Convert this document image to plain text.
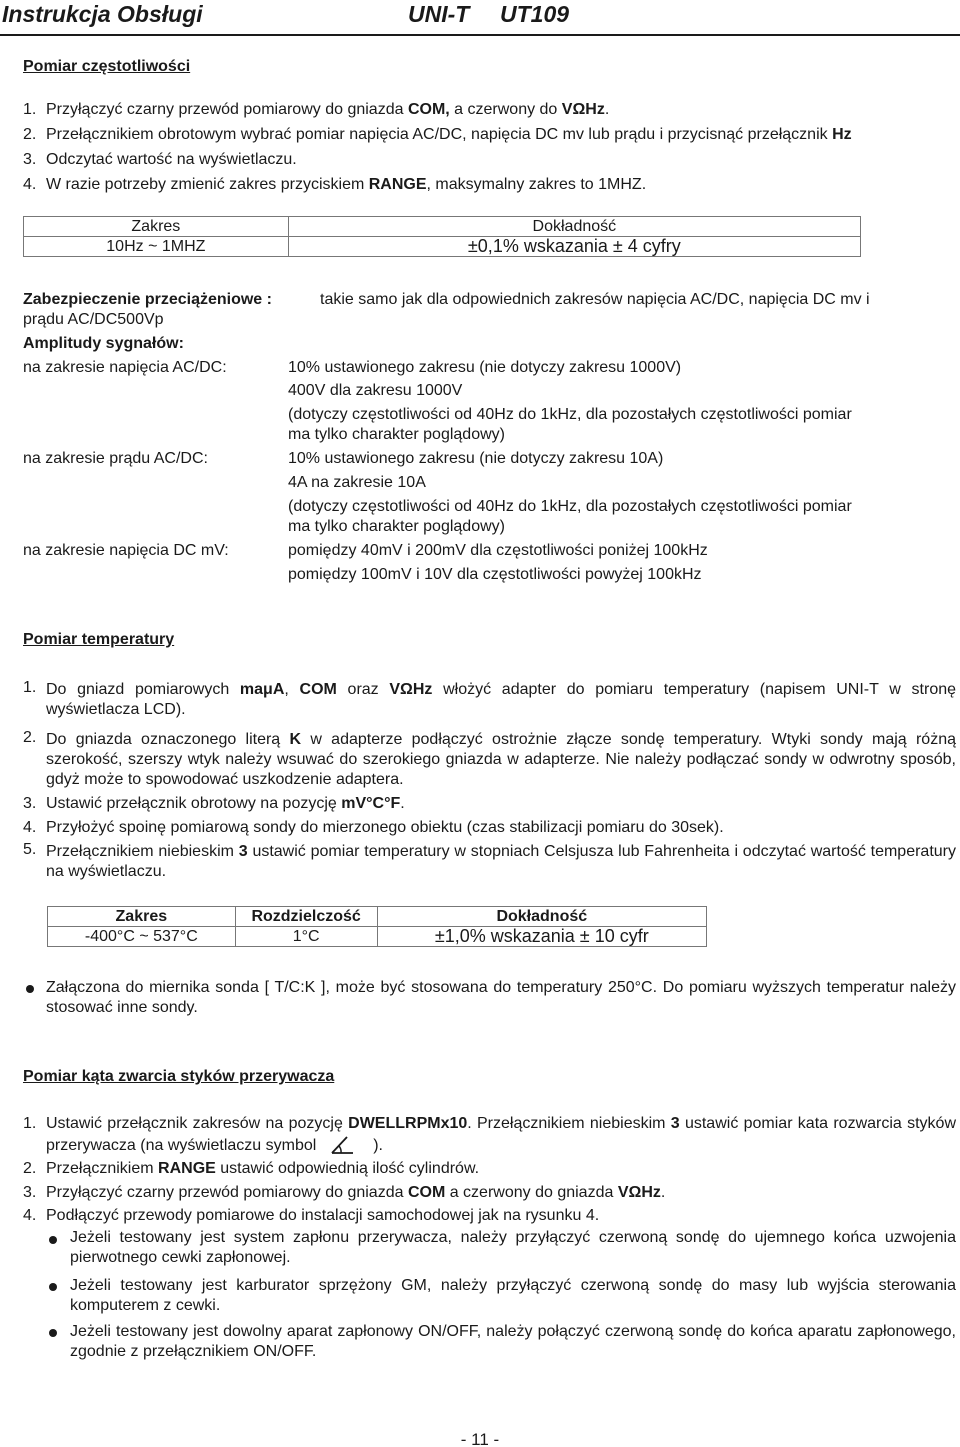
Instrukcja Obsługi	UNI-T UT109
Pomiar częstotliwości
1. Przyłączyć czarny przewód pomiarowy do gniazda COM, a czerwony do VΩHz.
2. Przełącznikiem obrotowym wybrać pomiar napięcia AC/DC, napięcia DC mv lub prądu i przycisnąć przełącznik Hz
3. Odczytać wartość na wyświetlaczu.
4. W razie potrzeby zmienić zakres przyciskiem RANGE, maksymalny zakres to 1MHZ.
Zakres	Dokładność
10Hz ~ 1MHZ	±0,1% wskazania ± 4 cyfry
Zabezpieczenie przeciążeniowe :	takie samo jak dla odpowiednich zakresów napięcia AC/DC, napięcia DC mv i
prądu AC/DC500Vp
Amplitudy sygnałów:
na zakresie napięcia AC/DC:	10% ustawionego zakresu (nie dotyczy zakresu 1000V)
400V dla zakresu 1000V
(dotyczy częstotliwości od 40Hz do 1kHz, dla pozostałych częstotliwości pomiar
ma tylko charakter poglądowy)
na zakresie prądu AC/DC:	10% ustawionego zakresu (nie dotyczy zakresu 10A)
4A na zakresie 10A
(dotyczy częstotliwości od 40Hz do 1kHz, dla pozostałych częstotliwości pomiar
ma tylko charakter poglądowy)
na zakresie napięcia DC mV:	pomiędzy 40mV i 200mV dla częstotliwości poniżej 100kHz
pomiędzy 100mV i 10V dla częstotliwości powyżej 100kHz
Pomiar temperatury
1. Do gniazd pomiarowych maμA, COM oraz VΩHz włożyć adapter do pomiaru temperatury (napisem UNI-T w stronę wyświetlacza LCD).
2. Do gniazda oznaczonego literą K w adapterze podłączyć ostrożnie złącze sondę temperatury. Wtyki sondy mają różną szerokość, szerszy wtyk należy wsuwać do szerokiego gniazda w adapterze. Nie należy podłączać sondy w odwrotny sposób, gdyż może to spowodować uszkodzenie adaptera.
3. Ustawić przełącznik obrotowy na pozycję mV°C°F.
4. Przyłożyć spoinę pomiarową sondy do mierzonego obiektu (czas stabilizacji pomiaru do 30sek).
5. Przełącznikiem niebieskim 3 ustawić pomiar temperatury w stopniach Celsjusza lub Fahrenheita i odczytać wartość temperatury na wyświetlaczu.
Zakres	Rozdzielczość	Dokładność
-400°C ~ 537°C	1°C	±1,0% wskazania ± 10 cyfr
Załączona do miernika sonda [ T/C:K ], może być stosowana do temperatury 250°C. Do pomiaru wyższych temperatur należy stosować inne sondy.
Pomiar kąta zwarcia styków przerywacza
1. Ustawić przełącznik zakresów na pozycję DWELLRPMx10. Przełącznikiem niebieskim 3 ustawić pomiar kata rozwarcia styków przerywacza (na wyświetlaczu symbol	).
2. Przełącznikiem RANGE ustawić odpowiednią ilość cylindrów.
3. Przyłączyć czarny przewód pomiarowy do gniazda COM a czerwony do gniazda VΩHz.
4. Podłączyć przewody pomiarowe do instalacji samochodowej jak na rysunku 4.
Jeżeli testowany jest system zapłonu przerywacza, należy przyłączyć czerwoną sondę do ujemnego końca uzwojenia pierwotnego cewki zapłonowej.
Jeżeli testowany jest karburator sprzężony GM, należy przyłączyć czerwoną sondę do masy lub wyjścia sterowania komputerem z cewki.
Jeżeli testowany jest dowolny aparat zapłonowy ON/OFF, należy połączyć czerwoną sondę do końca aparatu zapłonowego, zgodnie z przełącznikiem ON/OFF.
- 11 -
